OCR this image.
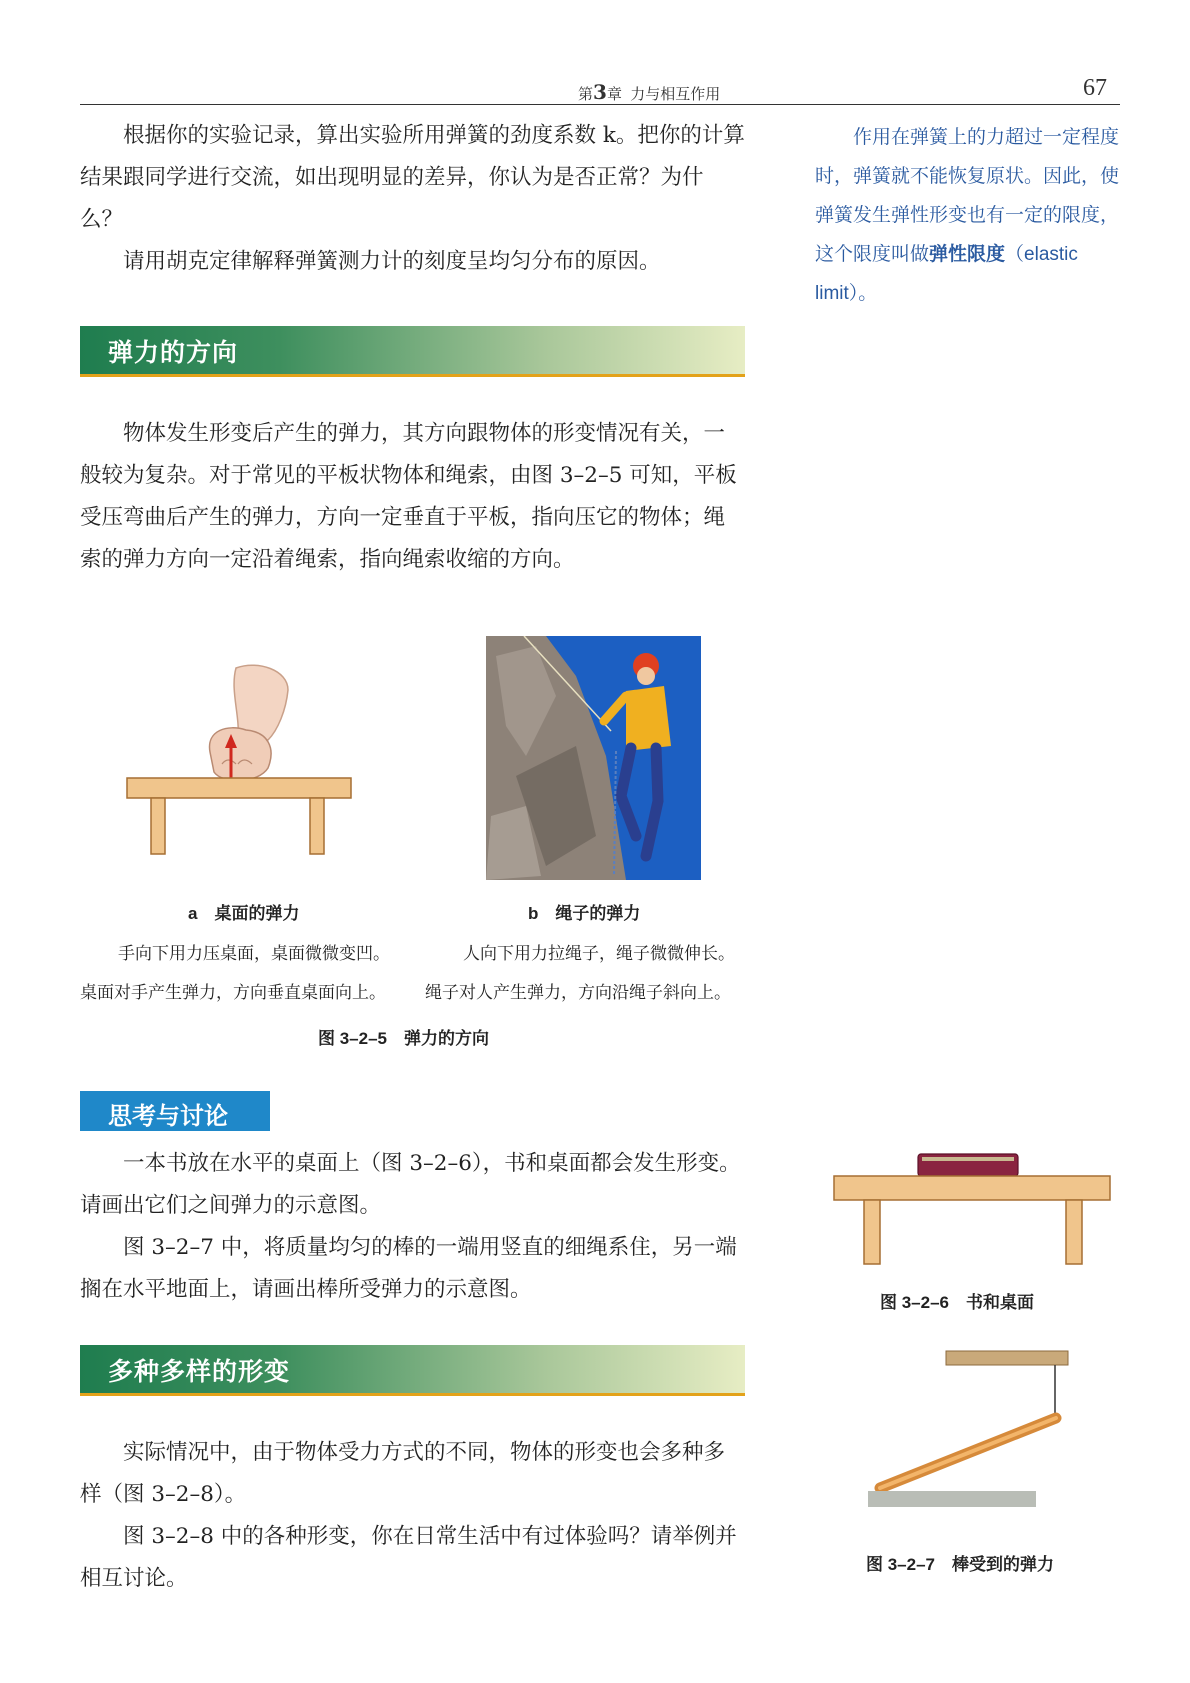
第3章 力与相互作用	67

根据你的实验记录，算出实验所用弹簧的劲度系数 k。把你的计算结果跟同学进行交流，如出现明显的差异，你认为是否正常？为什么？

请用胡克定律解释弹簧测力计的刻度呈均匀分布的原因。

作用在弹簧上的力超过一定程度时，弹簧就不能恢复原状。因此，使弹簧发生弹性形变也有一定的限度，这个限度叫做弹性限度（elastic limit）。
弹力的方向

物体发生形变后产生的弹力，其方向跟物体的形变情况有关，一般较为复杂。对于常见的平板状物体和绳索，由图 3–2–5 可知，平板受压弯曲后产生的弹力，方向一定垂直于平板，指向压它的物体；绳索的弹力方向一定沿着绳索，指向绳索收缩的方向。

a　桌面的弹力
手向下用力压桌面，桌面微微变凹。
桌面对手产生弹力，方向垂直桌面向上。
b　绳子的弹力
人向下用力拉绳子，绳子微微伸长。
绳子对人产生弹力，方向沿绳子斜向上。
图 3–2–5　弹力的方向
思考与讨论

一本书放在水平的桌面上（图 3–2–6），书和桌面都会发生形变。请画出它们之间弹力的示意图。

图 3–2–7 中，将质量均匀的棒的一端用竖直的细绳系住，另一端搁在水平地面上，请画出棒所受弹力的示意图。

图 3–2–6　书和桌面
图 3–2–7　棒受到的弹力
多种多样的形变

实际情况中，由于物体受力方式的不同，物体的形变也会多种多样（图 3–2–8）。

图 3–2–8 中的各种形变，你在日常生活中有过体验吗？请举例并相互讨论。
